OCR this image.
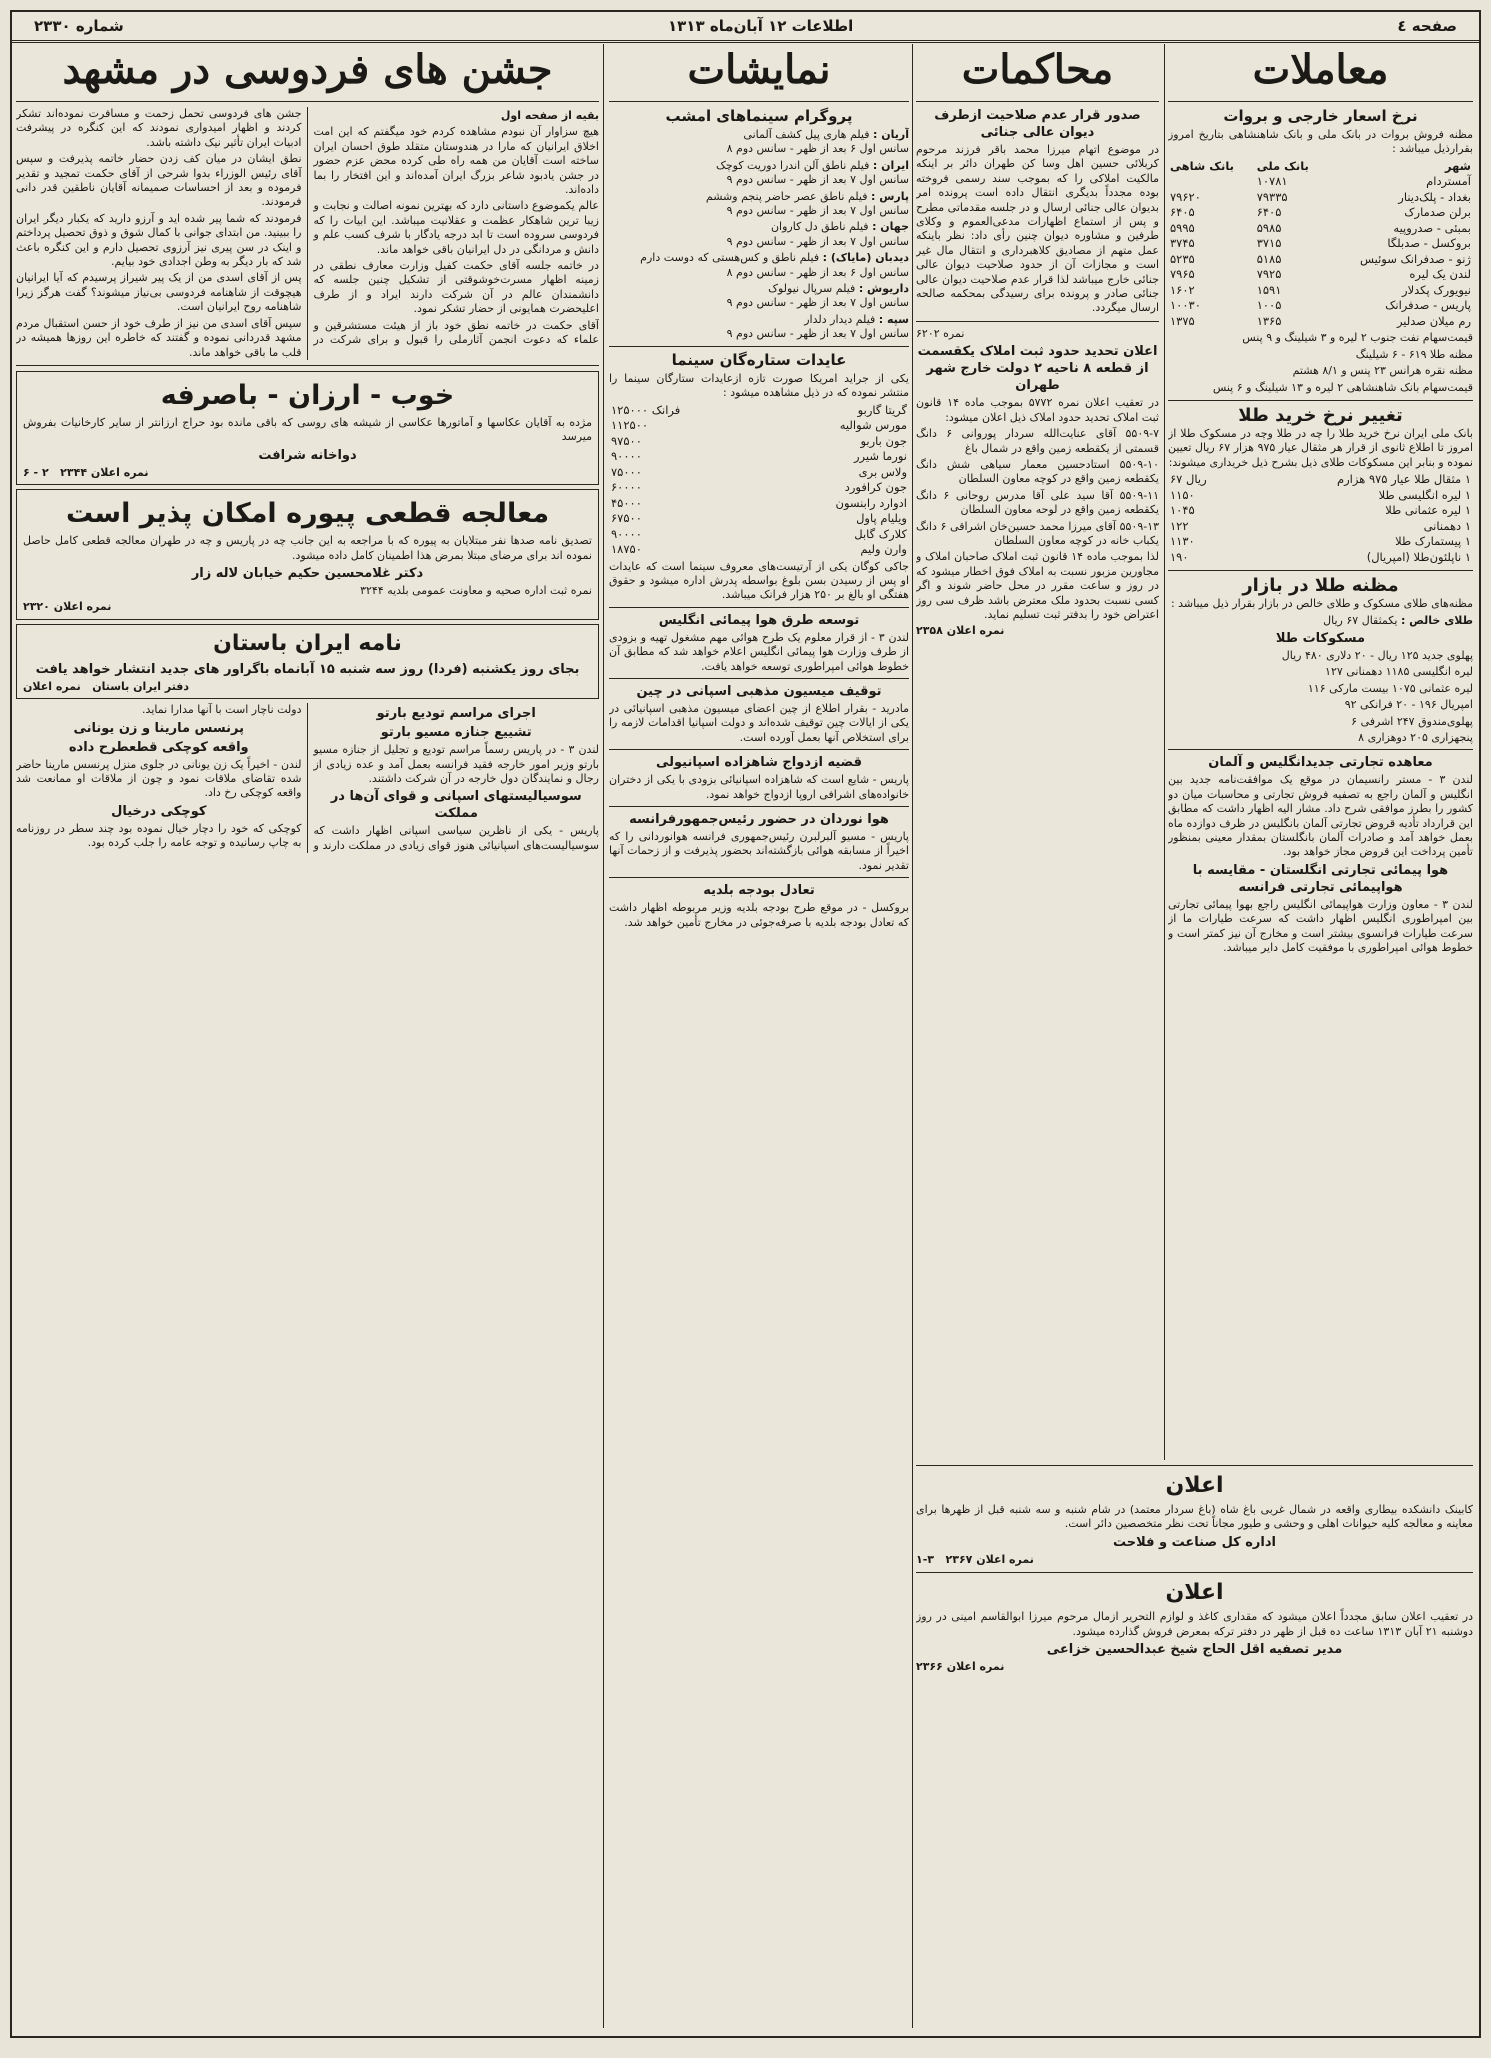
صفحه ٤
اطلاعات ۱۲ آبان‌ماه ۱۳۱۳
شماره ۲۳۳۰
معاملات
نرخ اسعار خارجی و بروات
مظنه فروش بروات در بانک ملی و بانک شاهنشاهی بتاریخ امروز بقرارذیل میباشد :
شهر	بانک ملی	بانک شاهی
آمستردام	۱۰۷۸۱	
بغداد - پلک‌دینار	۷۹۳۳۵	۷۹۶۲۰
برلن صدمارک	۶۴۰۵	۶۴۰۵
بمبئی - صدروپیه	۵۹۸۵	۵۹۹۵
بروکسل - صدبلگا	۳۷۱۵	۳۷۴۵
ژنو - صدفرانک سوئیس	۵۱۸۵	۵۲۳۵
لندن یک لیره	۷۹۲۵	۷۹۶۵
نیویورک پکدلار	۱۵۹۱	۱۶۰۲
پاریس - صدفرانک	۱۰۰۵	۱۰۰۳۰
رم میلان صدلیر	۱۳۶۵	۱۳۷۵
قیمت‌سهام نفت جنوب ۲ لیره و ۳ شیلینگ و ۹ پنس
مظنه طلا ۶۱۹ - ۶ شیلینگ
مظنه نقره هرانس ۲۳ پنس و ۸/۱ هشتم
قیمت‌سهام بانک شاهنشاهی ۲ لیره و ۱۳ شیلینگ و ۶ پنس
تغییر نرخ خرید طلا
بانک ملی ایران نرخ خرید طلا را چه در طلا وچه در مسکوک طلا از امروز تا اطلاع ثانوی از قرار هر مثقال عیار ۹۷۵ هزار ۶۷ ریال تعیین نموده و بنابر این مسکوکات طلای ذیل بشرح ذیل خریداری میشوند:
۱ مثقال طلا عیار ۹۷۵ هزارم	۶۷ ریال
۱ لیره انگلیسی طلا	۱۱۵۰
۱ لیره عثمانی طلا	۱۰۴۵
۱ دهمنانی	۱۲۲
۱ پیستمارک طلا	۱۱۳۰
۱ ناپلئون‌طلا (امپریال)	۱۹۰
مظنه طلا در بازار
مظنه‌های طلای مسکوک و طلای خالص در بازار بقرار ذیل میباشد :
طلای خالص : یکمثقال ۶۷ ریال
مسکوکات طلا
پهلوی جدید ۱۲۵ ریال - ۲۰ دلاری ۴۸۰ ریال
لیره انگلیسی ۱۱۸۵ دهمنانی ۱۲۷
لیره عثمانی ۱۰۷۵ بیست مارکی ۱۱۶
امپریال ۱۹۶ - ۲۰ فرانکی ۹۲
پهلوی‌مندوق ۲۴۷ اشرفی ۶
پنجهزاری ۲۰۵ دوهزاری ۸
معاهده تجارتی جدیدانگلیس و آلمان
لندن ۳ - مستر رانسیمان در موقع یک موافقت‌نامه جدید بین انگلیس و آلمان راجع به تصفیه فروش تجارتی و محاسبات میان دو کشور را بطرز موافقی شرح داد. مشار الیه اظهار داشت که مطابق این قرارداد تأدیه قروض تجارتی آلمان بانگلیس در ظرف دوازده ماه بعمل خواهد آمد و صادرات آلمان بانگلستان بمقدار معینی بمنظور تأمین پرداخت این قروض مجاز خواهد بود.
هوا پیمائی تجارتی انگلستان - مقایسه با هواپیمائی تجارتی فرانسه
لندن ۳ - معاون وزارت هواپیمائی انگلیس راجع بهوا پیمائی تجارتی بین امپراطوری انگلیس اظهار داشت که سرعت طیارات ما از سرعت طیارات فرانسوی بیشتر است و مخارج آن نیز کمتر است و خطوط هوائی امپراطوری با موفقیت کامل دایر میباشد.
محاکمات
صدور قرار عدم صلاحیت ازطرف دیوان عالی جنائی
در موضوع اتهام میرزا محمد باقر فرزند مرحوم کربلائی حسین اهل وسا کن طهران دائر بر اینکه مالکیت املاکی را که بموجب سند رسمی فروخته بوده مجدداً بدیگری انتقال داده است پرونده امر بدیوان عالی جنائی ارسال و در جلسه مقدماتی مطرح و پس از استماع اظهارات مدعی‌العموم و وکلای طرفین و مشاوره دیوان چنین رأی داد: نظر باینکه عمل متهم از مصادیق کلاهبرداری و انتقال مال غیر است و مجازات آن از حدود صلاحیت دیوان عالی جنائی خارج میباشد لذا قرار عدم صلاحیت دیوان عالی جنائی صادر و پرونده برای رسیدگی بمحکمه صالحه ارسال میگردد.
نمره ۶۲۰۲
اعلان تحدید حدود ثبت املاک یکقسمت از قطعه ۸ ناحیه ۲ دولت خارج شهر طهران
در تعقیب اعلان نمره ۵۷۷۲ بموجب ماده ۱۴ قانون ثبت املاک تحدید حدود املاک ذیل اعلان میشود:
۵۵۰۹-۷ آقای عنایت‌الله سردار پوروانی ۶ دانگ قسمتی از یکقطعه زمین واقع در شمال باغ
۵۵۰۹-۱۰ استادحسین معمار سیاهی شش دانگ یکقطعه زمین واقع در کوچه معاون السلطان
۵۵۰۹-۱۱ آقا سید علی آقا مدرس روحانی ۶ دانگ یکقطعه زمین واقع در لوحه معاون السلطان
۵۵۰۹-۱۳ آقای میرزا محمد حسین‌خان اشراقی ۶ دانگ یکباب خانه در کوچه معاون السلطان
لذا بموجب ماده ۱۴ قانون ثبت املاک صاحبان املاک و مجاورین مزبور نسبت به املاک فوق اخطار میشود که در روز و ساعت مقرر در محل حاضر شوند و اگر کسی نسبت بحدود ملک معترض باشد ظرف سی روز اعتراض خود را بدفتر ثبت تسلیم نماید.
نمره اعلان ۲۳۵۸
نمایشات
پروگرام سینماهای امشب
آریان : فیلم هاری پیل‌ کشف آلمانی
سانس اول ۶ بعد از ظهر - سانس دوم ۸
ایران : فیلم ناطق آلن اندرا دوریت کوچک
سانس اول ۷ بعد از ظهر - سانس دوم ۹
پارس : فیلم ناطق عصر حاضر پنجم وششم
سانس اول ۷ بعد از ظهر - سانس دوم ۹
جهان : فیلم ناطق دل‌ کاروان
سانس اول ۷ بعد از ظهر - سانس دوم ۹
دیدبان (مایاک) : فیلم ناطق و کس‌هستی که دوست دارم
سانس اول ۶ بعد از ظهر - سانس دوم ۸
داریوش : فیلم سرپال نیولوک
سانس اول ۷ بعد از ظهر - سانس دوم ۹
سپه : فیلم دیدار دلدار
سانس اول ۷ بعد از ظهر - سانس دوم ۹
عایدات ستاره‌گان سینما
یکی از جراید امریکا صورت تازه ازعایدات ستارگان سینما را منتشر نموده که در ذیل مشاهده میشود :
گریتا گاربو	۱۲۵۰۰۰ فرانک
مورس شوالیه	۱۱۲۵۰۰
جون باربو	۹۷۵۰۰
نورما شیرر	۹۰۰۰۰
ولاس بری	۷۵۰۰۰
جون کرافورد	۶۰۰۰۰
ادوارد رابنسون	۴۵۰۰۰
ویلیام پاول	۶۷۵۰۰
کلارک گابل	۹۰۰۰۰
وارن ولیم	۱۸۷۵۰
جاکی کوگان یکی از آرتیست‌های معروف سینما است که عایدات او پس از رسیدن بسن بلوغ بواسطه پدرش اداره میشود و حقوق هفتگی او بالغ بر ۲۵۰ هزار فرانک میباشد.
توسعه طرق هوا پیمائی انگلیس
لندن ۳ - از قرار معلوم یک طرح هوائی مهم مشغول تهیه و بزودی از طرف وزارت هوا پیمائی انگلیس اعلام خواهد شد که مطابق آن خطوط هوائی امپراطوری توسعه خواهد یافت.
توقیف میسیون مذهبی اسپانی در چین
مادرید - بقرار اطلاع از چین اعضای میسیون مذهبی اسپانیائی در یکی از ایالات چین توقیف شده‌اند و دولت اسپانیا اقدامات لازمه را برای استخلاص آنها بعمل آورده است.
قضیه ازدواج شاهزاده اسپانیولی
پاریس - شایع است که شاهزاده اسپانیائی بزودی با یکی از دختران خانواده‌های اشرافی اروپا ازدواج خواهد نمود.
هوا نوردان در حضور رئیس‌جمهورفرانسه
پاریس - مسیو آلبرلبرن رئیس‌جمهوری فرانسه هوانوردانی را که اخیراً از مسابقه هوائی بازگشته‌اند بحضور پذیرفت و از زحمات آنها تقدیر نمود.
تعادل بودجه بلدیه
بروکسل - در موقع طرح بودجه بلدیه وزیر مربوطه اظهار داشت که تعادل بودجه بلدیه با صرفه‌جوئی در مخارج تأمین خواهد شد.
جشن های فردوسی در مشهد
بقیه از صفحه اول
هیچ سزاوار آن نبودم مشاهده کردم خود میگفتم که این امت اخلاق ایرانیان که مارا در هندوستان متقلد طوق احسان ایران ساخته است آقایان من همه راه طی کرده محض عزم حضور در جشن یادبود شاعر بزرگ ایران آمده‌اند و این افتخار را بما داده‌اند.
عالم یکموضوع داستانی دارد که بهترین نمونه اصالت و نجابت و زیبا ترین شاهکار عظمت و عقلانیت میباشد. این ابیات را که فردوسی سروده است تا ابد درجه یادگار با شرف کسب علم و دانش و مردانگی در دل ایرانیان باقی خواهد ماند.
در خاتمه جلسه آقای حکمت کفیل وزارت معارف نطقی در زمینه اظهار مسرت‌خوشوقتی از تشکیل چنین جلسه که دانشمندان عالم در آن شرکت دارند ایراد و از طرف اعلیحضرت همایونی از حضار تشکر نمود.
آقای حکمت در خاتمه نطق خود باز از هیئت مستشرقین و علماء که دعوت انجمن آثارملی را قبول و برای شرکت در جشن های فردوسی تحمل زحمت و مسافرت نموده‌اند تشکر کردند و اظهار امیدواری نمودند که این کنگره در پیشرفت ادبیات ایران تأثیر نیک داشته باشد.
نطق ایشان در میان کف زدن حضار خاتمه پذیرفت و سپس آقای رئیس الوزراء بدوا شرحی از آقای حکمت تمجید و تقدیر فرموده و بعد از احساسات صمیمانه آقایان ناطقین قدر دانی فرمودند.
فرمودند که شما پیر شده اید و آرزو دارید که یکبار دیگر ایران را ببینید. من ابتدای جوانی با کمال شوق و ذوق تحصیل پرداختم و اینک در سن پیری نیز آرزوی تحصیل دارم و این کنگره باعث شد که بار دیگر به وطن اجدادی خود بیایم.
پس از آقای اسدی من از یک پیر شیراز پرسیدم که آیا ایرانیان هیچوقت از شاهنامه فردوسی بی‌نیاز میشوند؟ گفت هرگز زیرا شاهنامه روح ایرانیان است.
سپس آقای اسدی من نیز از طرف خود از حسن استقبال مردم مشهد قدردانی نموده و گفتند که خاطره این روزها همیشه در قلب ما باقی خواهد ماند.
خوب - ارزان - باصرفه
مژده به آقایان عکاسها و آماتورها عکاسی از شیشه های روسی که باقی مانده بود حراج ارزانتر از سایر کارخانیات بفروش میرسد
دواخانه شرافت
نمره اعلان ۲۳۴۴   ۲ - ۶
معالجه قطعی پیوره امکان پذیر است
تصدیق نامه صدها نفر مبتلایان به پیوره که با مراجعه به این جانب چه در پاریس و چه در طهران معالجه قطعی کامل حاصل نموده اند برای مرضای مبتلا بمرض هذا اطمینان کامل داده میشود.
دکتر غلامحسین حکیم خیابان لاله زار
نمره ثبت اداره صحیه و معاونت عمومی بلدیه ۳۲۴۴
نمره اعلان ۲۳۲۰
نامه ایران باستان
بجای روز یکشنبه (فردا) روز سه شنبه ۱۵ آبانماه باگراور های جدید انتشار خواهد یافت
دفتر ایران باستان   نمره اعلان
اجرای مراسم تودیع بارتو
تشییع جنازه مسیو بارتو
لندن ۳ - در پاریس رسماً مراسم تودیع و تجلیل از جنازه مسیو بارتو وزیر امور خارجه فقید فرانسه بعمل آمد و عده زیادی از رجال و نمایندگان دول خارجه در آن شرکت داشتند.
سوسیالیستهای اسپانی و قوای آن‌ها در مملکت
پاریس - یکی از ناظرین سیاسی اسپانی اظهار داشت که سوسیالیست‌های اسپانیائی هنوز قوای زیادی در مملکت دارند و دولت ناچار است با آنها مدارا نماید.
پرنسس مارینا و زن یونانی
واقعه کوچکی قطعطرح داده
لندن - اخیراً یک زن یونانی در جلوی منزل پرنسس مارینا حاضر شده تقاضای ملاقات نمود و چون از ملاقات او ممانعت شد واقعه کوچکی رخ داد.
کوچکی درخیال
کوچکی که خود را دچار خیال نموده بود چند سطر در روزنامه به چاپ رسانیده و توجه عامه را جلب کرده بود.
اعلان
کابینک دانشکده بیطاری واقعه در شمال غربی باغ شاه (باغ سردار معتمد) در شام شنبه و سه شنبه قبل از ظهرها برای معاینه و معالجه کلیه حیوانات اهلی و وحشی و طیور مجاناً تحت نظر متخصصین دائر است.
اداره کل صناعت و فلاحت
نمره اعلان ۲۳۶۷   ۳-۱
اعلان
در تعقیب اعلان سابق مجدداً اعلان میشود که مقداری کاغذ و لوازم التحریر ازمال مرحوم میرزا ابوالقاسم امینی در روز دوشنبه ۲۱ آبان ۱۳۱۳ ساعت ده قبل از ظهر در دفتر ترکه بمعرض فروش گذارده میشود.
مدیر تصفیه اقل الحاج شیخ عبدالحسین خزاعی
نمره اعلان ۲۳۶۶
